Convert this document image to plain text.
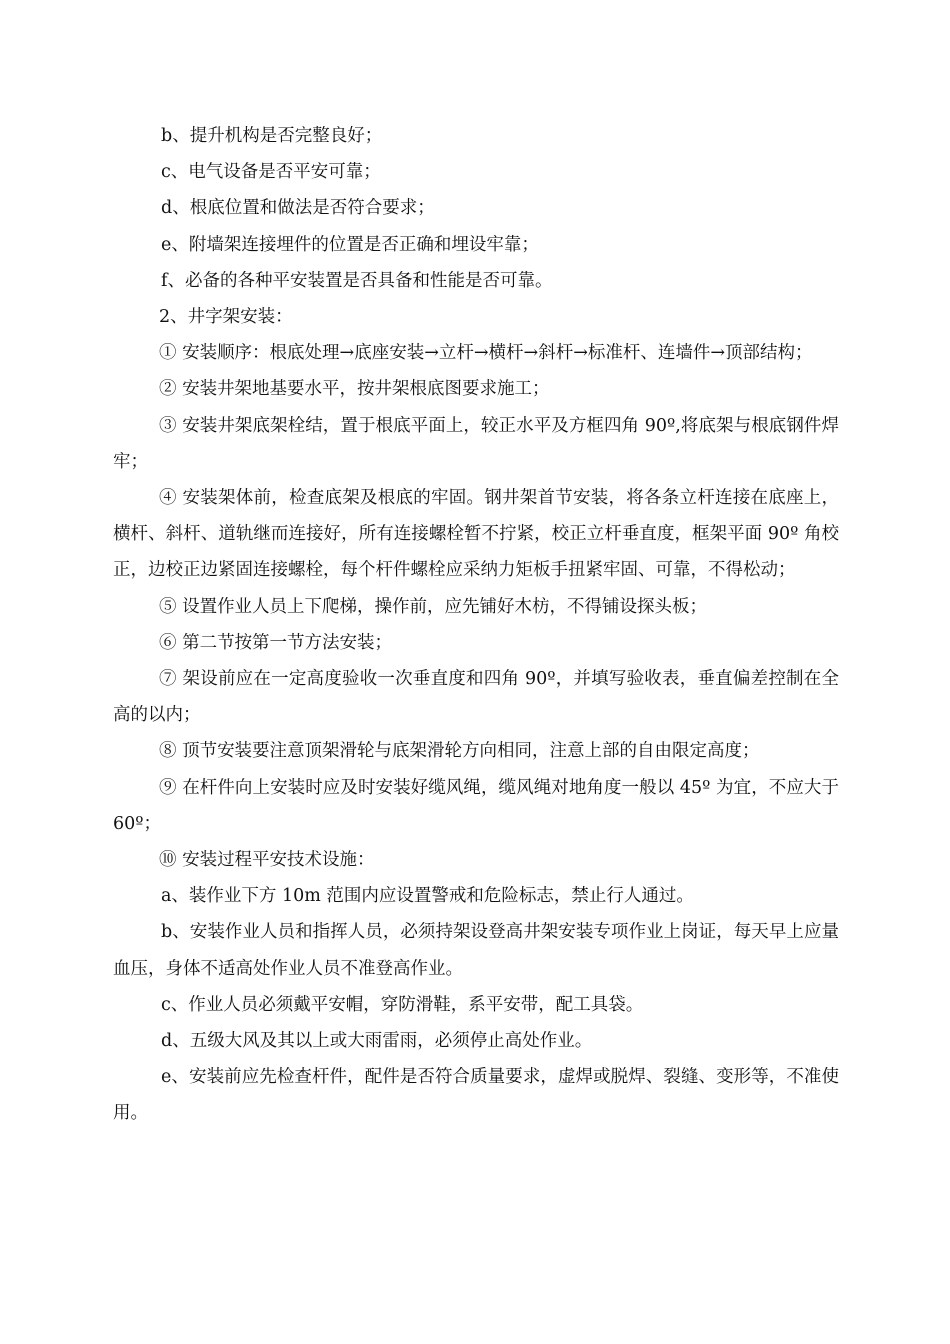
b、提升机构是否完整良好；

c、电气设备是否平安可靠；

d、根底位置和做法是否符合要求；

e、附墙架连接埋件的位置是否正确和埋设牢靠；

f、必备的各种平安装置是否具备和性能是否可靠。

2、井字架安装：

① 安装顺序：根底处理→底座安装→立杆→横杆→斜杆→标准杆、连墙件→顶部结构；

② 安装井架地基要水平，按井架根底图要求施工；

③ 安装井架底架栓结，置于根底平面上，较正水平及方框四角 90º,将底架与根底钢件焊牢；

④ 安装架体前，检查底架及根底的牢固。钢井架首节安装，将各条立杆连接在底座上，横杆、斜杆、道轨继而连接好，所有连接螺栓暂不拧紧，校正立杆垂直度，框架平面 90º 角校正，边校正边紧固连接螺栓，每个杆件螺栓应采纳力矩板手扭紧牢固、可靠，不得松动；

⑤ 设置作业人员上下爬梯，操作前，应先铺好木枋，不得铺设探头板；

⑥ 第二节按第一节方法安装；

⑦ 架设前应在一定高度验收一次垂直度和四角 90º，并填写验收表，垂直偏差控制在全高的以内；

⑧ 顶节安装要注意顶架滑轮与底架滑轮方向相同，注意上部的自由限定高度；

⑨ 在杆件向上安装时应及时安装好缆风绳，缆风绳对地角度一般以 45º 为宜，不应大于 60º；

⑩ 安装过程平安技术设施：

a、装作业下方 10m 范围内应设置警戒和危险标志，禁止行人通过。

b、安装作业人员和指挥人员，必须持架设登高井架安装专项作业上岗证，每天早上应量血压，身体不适高处作业人员不准登高作业。

c、作业人员必须戴平安帽，穿防滑鞋，系平安带，配工具袋。

d、五级大风及其以上或大雨雷雨，必须停止高处作业。

e、安装前应先检查杆件，配件是否符合质量要求，虚焊或脱焊、裂缝、变形等，不准使用。
